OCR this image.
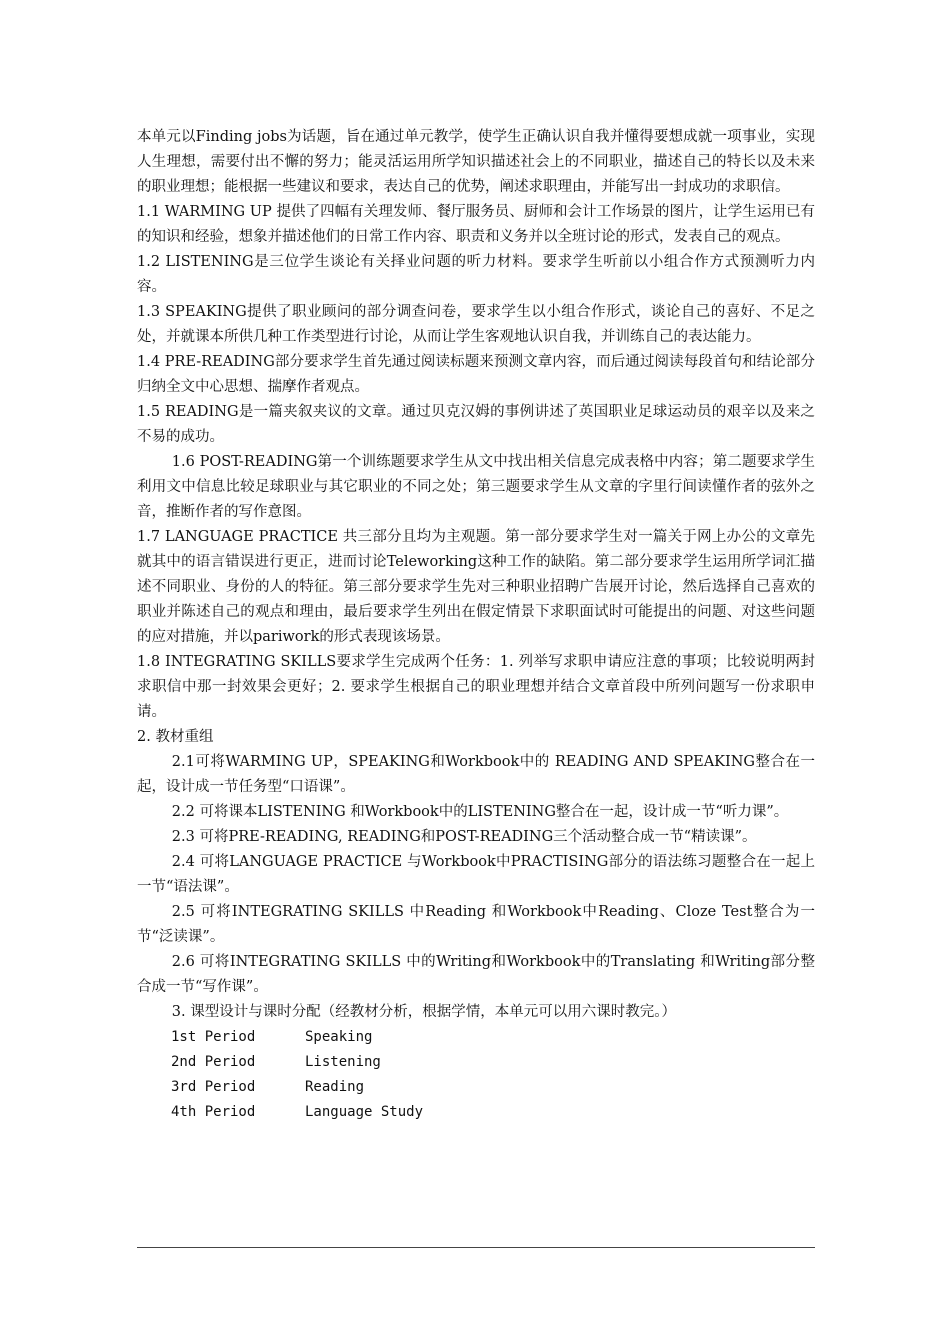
本单元以Finding jobs为话题，旨在通过单元教学，使学生正确认识自我并懂得要想成就一项事业，实现人生理想，需要付出不懈的努力；能灵活运用所学知识描述社会上的不同职业，描述自己的特长以及未来的职业理想；能根据一些建议和要求，表达自己的优势，阐述求职理由，并能写出一封成功的求职信。

1.1 WARMING UP 提供了四幅有关理发师、餐厅服务员、厨师和会计工作场景的图片，让学生运用已有的知识和经验，想象并描述他们的日常工作内容、职责和义务并以全班讨论的形式，发表自己的观点。

1.2 LISTENING是三位学生谈论有关择业问题的听力材料。要求学生听前以小组合作方式预测听力内容。

1.3 SPEAKING提供了职业顾问的部分调查问卷，要求学生以小组合作形式，谈论自己的喜好、不足之处，并就课本所供几种工作类型进行讨论，从而让学生客观地认识自我，并训练自己的表达能力。

1.4 PRE-READING部分要求学生首先通过阅读标题来预测文章内容，而后通过阅读每段首句和结论部分归纳全文中心思想、揣摩作者观点。

1.5 READING是一篇夹叙夹议的文章。通过贝克汉姆的事例讲述了英国职业足球运动员的艰辛以及来之不易的成功。

1.6 POST-READING第一个训练题要求学生从文中找出相关信息完成表格中内容；第二题要求学生利用文中信息比较足球职业与其它职业的不同之处；第三题要求学生从文章的字里行间读懂作者的弦外之音，推断作者的写作意图。

1.7 LANGUAGE PRACTICE 共三部分且均为主观题。第一部分要求学生对一篇关于网上办公的文章先就其中的语言错误进行更正，进而讨论Teleworking这种工作的缺陷。第二部分要求学生运用所学词汇描述不同职业、身份的人的特征。第三部分要求学生先对三种职业招聘广告展开讨论，然后选择自己喜欢的职业并陈述自己的观点和理由，最后要求学生列出在假定情景下求职面试时可能提出的问题、对这些问题的应对措施，并以pariwork的形式表现该场景。

1.8 INTEGRATING SKILLS要求学生完成两个任务：1. 列举写求职申请应注意的事项；比较说明两封求职信中那一封效果会更好；2. 要求学生根据自己的职业理想并结合文章首段中所列问题写一份求职申请。

2. 教材重组

2.1可将WARMING UP，SPEAKING和Workbook中的 READING AND SPEAKING整合在一起，设计成一节任务型“口语课”。

2.2 可将课本LISTENING 和Workbook中的LISTENING整合在一起，设计成一节“听力课”。

2.3 可将PRE-READING, READING和POST-READING三个活动整合成一节“精读课”。

2.4 可将LANGUAGE PRACTICE 与Workbook中PRACTISING部分的语法练习题整合在一起上一节“语法课”。

2.5 可将INTEGRATING SKILLS 中Reading 和Workbook中Reading、Cloze Test整合为一节“泛读课”。

2.6 可将INTEGRATING SKILLS 中的Writing和Workbook中的Translating 和Writing部分整合成一节“写作课”。

3. 课型设计与课时分配（经教材分析，根据学情，本单元可以用六课时教完。）

1st Period	Speaking
2nd Period	Listening
3rd Period	Reading
4th Period	Language Study
